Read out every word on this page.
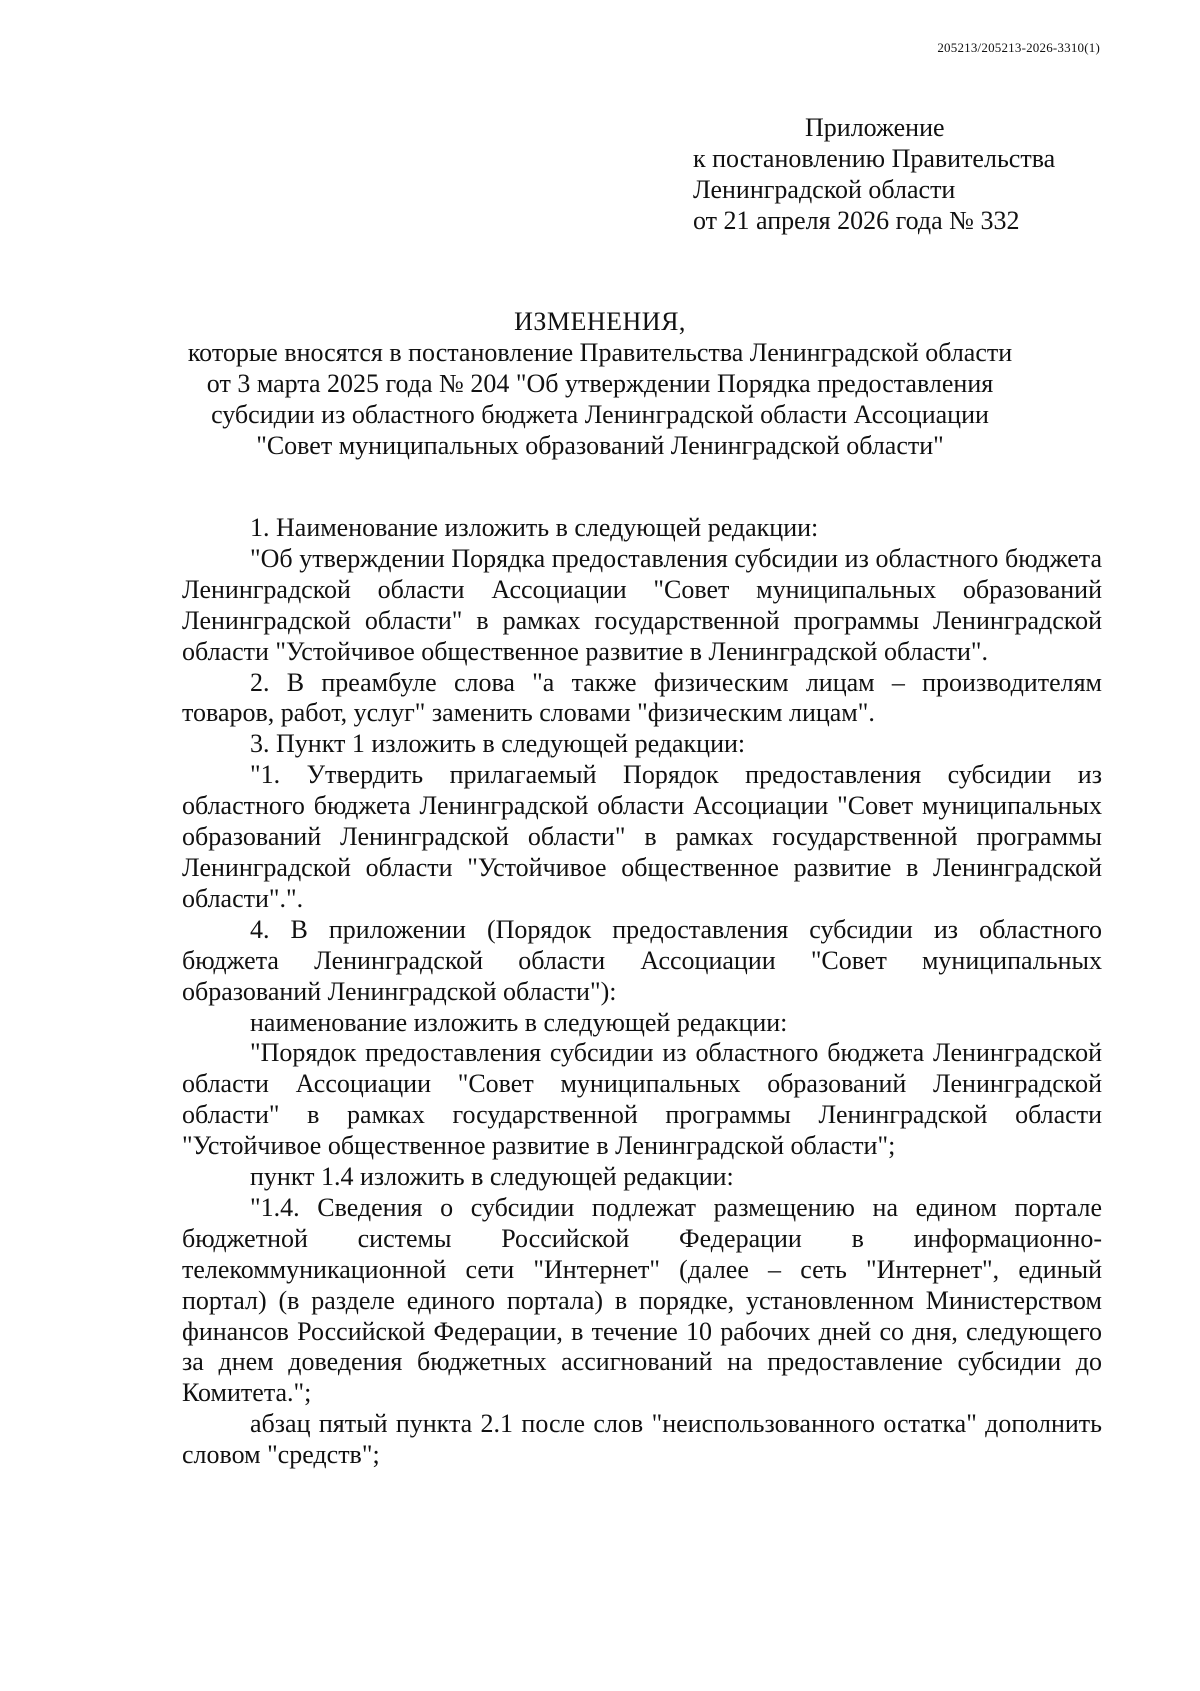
205213/205213-2026-3310(1)
Приложение
к постановлению Правительства
Ленинградской области
от 21 апреля 2026 года № 332
ИЗМЕНЕНИЯ,
которые вносятся в постановление Правительства Ленинградской области
от 3 марта 2025 года № 204 "Об утверждении Порядка предоставления
субсидии из областного бюджета Ленинградской области Ассоциации
"Совет муниципальных образований Ленинградской области"

1. Наименование изложить в следующей редакции:

"Об утверждении Порядка предоставления субсидии из областного бюджета Ленинградской области Ассоциации "Совет муниципальных образований Ленинградской области" в рамках государственной программы Ленинградской области "Устойчивое общественное развитие в Ленинградской области".

2. В преамбуле слова "а также физическим лицам – производителям товаров, работ, услуг" заменить словами "физическим лицам".

3. Пункт 1 изложить в следующей редакции:

"1. Утвердить прилагаемый Порядок предоставления субсидии из областного бюджета Ленинградской области Ассоциации "Совет муниципальных образований Ленинградской области" в рамках государственной программы Ленинградской области "Устойчивое общественное развитие в Ленинградской области".".

4. В приложении (Порядок предоставления субсидии из областного бюджета Ленинградской области Ассоциации "Совет муниципальных образований Ленинградской области"):

наименование изложить в следующей редакции:

"Порядок предоставления субсидии из областного бюджета Ленинградской области Ассоциации "Совет муниципальных образований Ленинградской области" в рамках государственной программы Ленинградской области "Устойчивое общественное развитие в Ленинградской области";

пункт 1.4 изложить в следующей редакции:

"1.4. Сведения о субсидии подлежат размещению на едином портале бюджетной системы Российской Федерации в информационно-телекоммуникационной сети "Интернет" (далее – сеть "Интернет", единый портал) (в разделе единого портала) в порядке, установленном Министерством финансов Российской Федерации, в течение 10 рабочих дней со дня, следующего за днем доведения бюджетных ассигнований на предоставление субсидии до Комитета.";

абзац пятый пункта 2.1 после слов "неиспользованного остатка" дополнить словом "средств";
